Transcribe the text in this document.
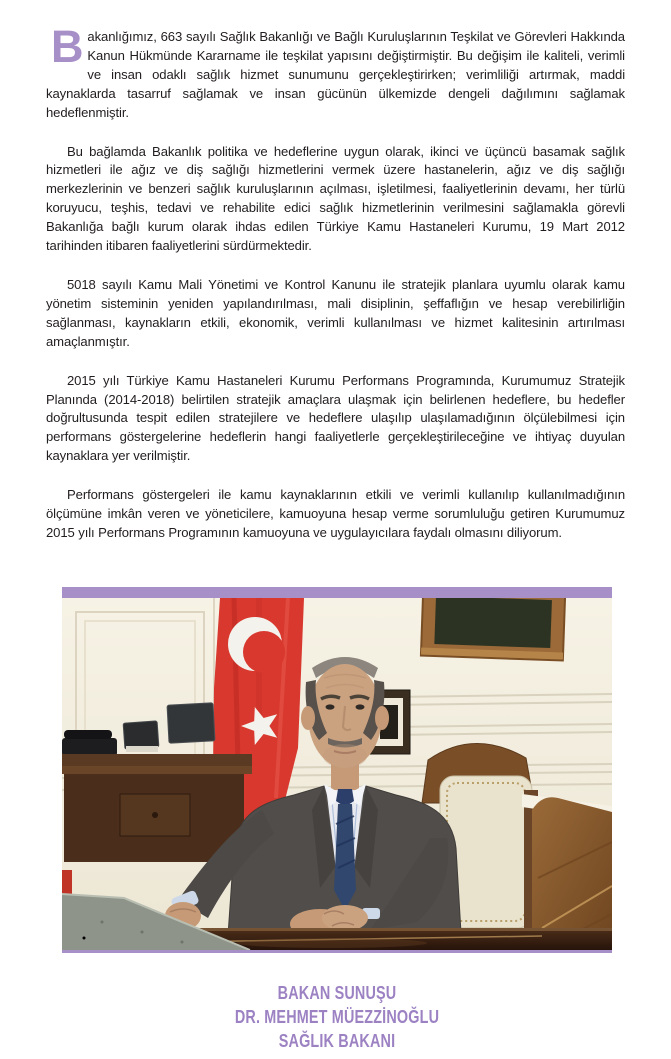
Bakanlığımız, 663 sayılı Sağlık Bakanlığı ve Bağlı Kuruluşlarının Teşkilat ve Görevleri Hakkında Kanun Hükmünde Kararname ile teşkilat yapısını değiştirmiştir. Bu değişim ile kaliteli, verimli ve insan odaklı sağlık hizmet sunumunu gerçekleştirirken; verimliliği artırmak, maddi kaynaklarda tasarruf sağlamak ve insan gücünün ülkemizde dengeli dağılımını sağlamak hedeflenmiştir.

Bu bağlamda Bakanlık politika ve hedeflerine uygun olarak, ikinci ve üçüncü basamak sağlık hizmetleri ile ağız ve diş sağlığı hizmetlerini vermek üzere hastanelerin, ağız ve diş sağlığı merkezlerinin ve benzeri sağlık kuruluşlarının açılması, işletilmesi, faaliyetlerinin devamı, her türlü koruyucu, teşhis, tedavi ve rehabilite edici sağlık hizmetlerinin verilmesini sağlamakla görevli Bakanlığa bağlı kurum olarak ihdas edilen Türkiye Kamu Hastaneleri Kurumu, 19 Mart 2012 tarihinden itibaren faaliyetlerini sürdürmektedir.

5018 sayılı Kamu Mali Yönetimi ve Kontrol Kanunu ile stratejik planlara uyumlu olarak kamu yönetim sisteminin yeniden yapılandırılması, mali disiplinin, şeffaflığın ve hesap verebilirliğin sağlanması, kaynakların etkili, ekonomik, verimli kullanılması ve hizmet kalitesinin artırılması amaçlanmıştır.

2015 yılı Türkiye Kamu Hastaneleri Kurumu Performans Programında, Kurumumuz Stratejik Planında (2014-2018) belirtilen stratejik amaçlara ulaşmak için belirlenen hedeflere, bu hedefler doğrultusunda tespit edilen stratejilere ve hedeflere ulaşılıp ulaşılamadığının ölçülebilmesi için performans göstergelerine hedeflerin hangi faaliyetlerle gerçekleştirileceğine ve ihtiyaç duyulan kaynaklara yer verilmiştir.

Performans göstergeleri ile kamu kaynaklarının etkili ve verimli kullanılıp kullanılmadığının ölçümüne imkân veren ve yöneticilere, kamuoyuna hesap verme sorumluluğu getiren Kurumumuz 2015 yılı Performans Programının kamuoyuna ve uygulayıcılara faydalı olmasını diliyorum.

BAKAN SUNUŞU
DR. MEHMET MÜEZZİNOĞLU
SAĞLIK BAKANI
